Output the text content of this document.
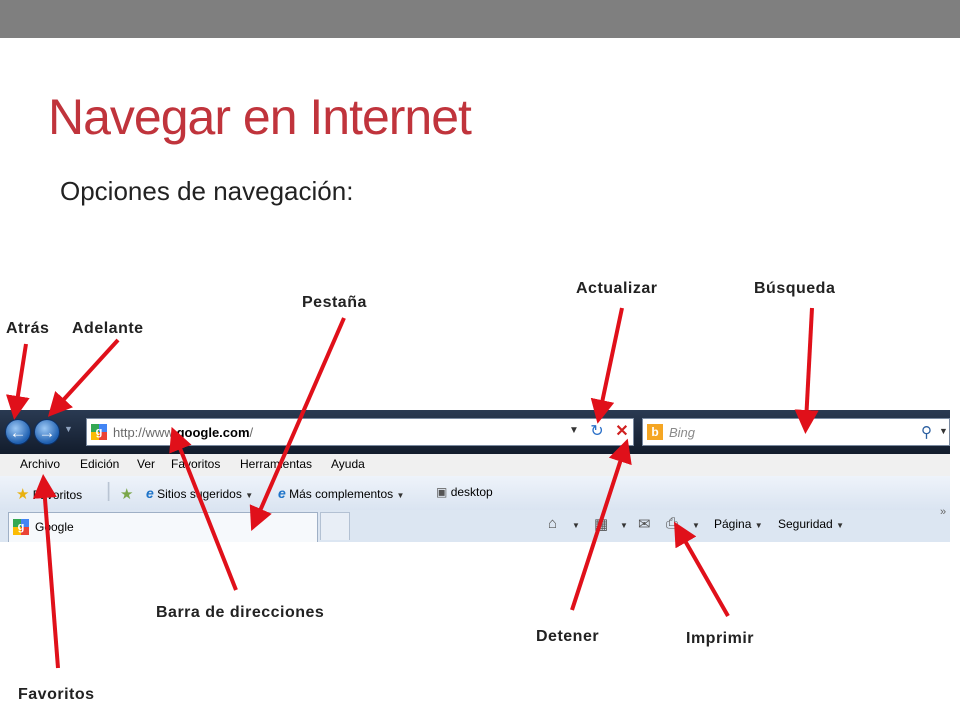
Navegar en Internet
Opciones de navegación:
← → ▼	g http://www.google.com/	▼ ↻ ✕	b Bing	⚲ ▼
Archivo Edición Ver Favoritos Herramientas Ayuda
★ Favoritos | ★ e Sitios sugeridos ▼ e Más complementos ▼	▣ desktop
g Google	⌂ ▼ ▦ ▼ ✉ ⎙ ▼ Página ▼ Seguridad ▼
»
Atrás Adelante
Pestaña
Actualizar	Búsqueda
Barra de direcciones
Detener	Imprimir
Favoritos
